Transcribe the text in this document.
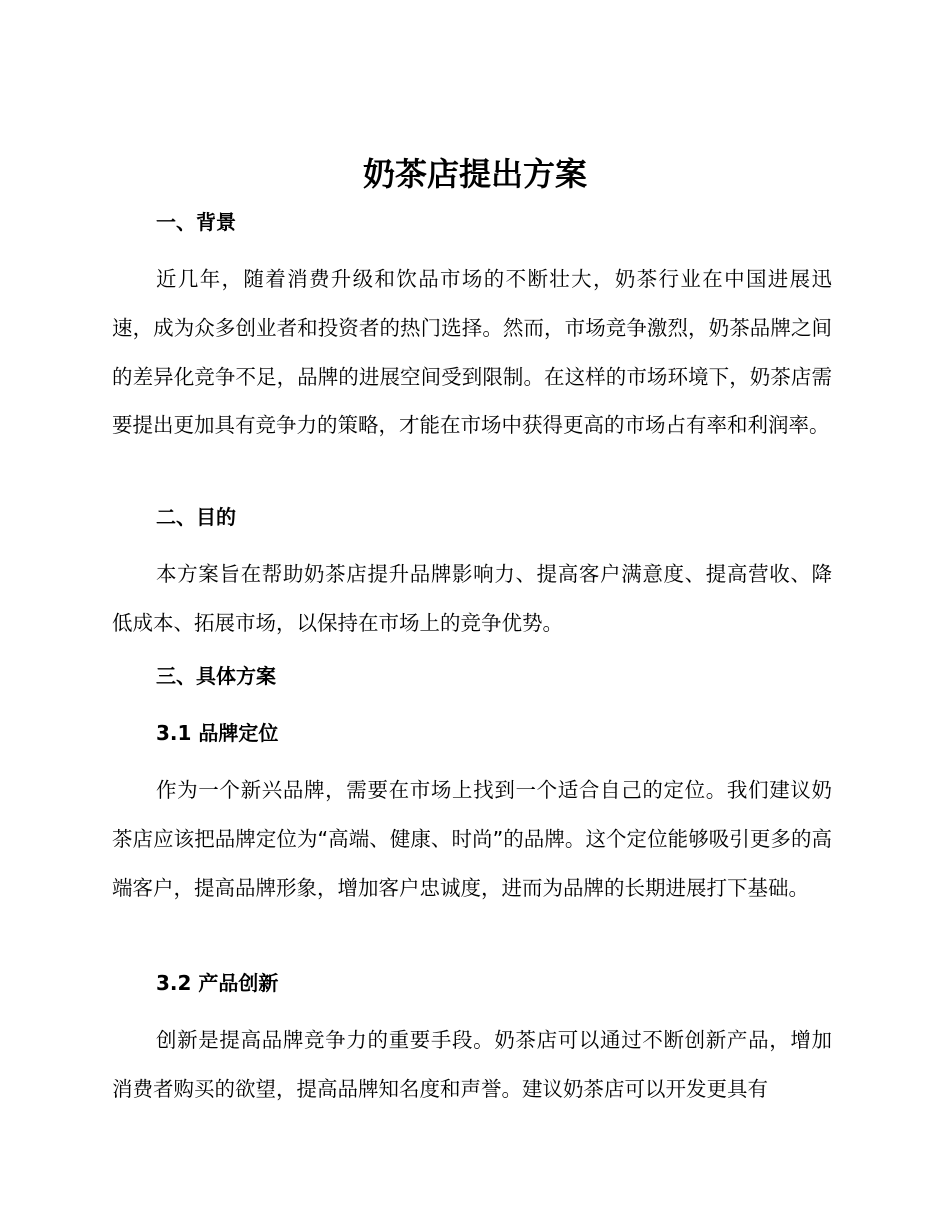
奶茶店提出方案
一、背景
近几年，随着消费升级和饮品市场的不断壮大，奶茶行业在中国进展迅速，成为众多创业者和投资者的热门选择。然而，市场竞争激烈，奶茶品牌之间的差异化竞争不足，品牌的进展空间受到限制。在这样的市场环境下，奶茶店需要提出更加具有竞争力的策略，才能在市场中获得更高的市场占有率和利润率。
二、目的
本方案旨在帮助奶茶店提升品牌影响力、提高客户满意度、提高营收、降低成本、拓展市场，以保持在市场上的竞争优势。
三、具体方案
3.1 品牌定位
作为一个新兴品牌，需要在市场上找到一个适合自己的定位。我们建议奶茶店应该把品牌定位为“高端、健康、时尚”的品牌。这个定位能够吸引更多的高端客户，提高品牌形象，增加客户忠诚度，进而为品牌的长期进展打下基础。
3.2 产品创新
创新是提高品牌竞争力的重要手段。奶茶店可以通过不断创新产品，增加消费者购买的欲望，提高品牌知名度和声誉。建议奶茶店可以开发更具有
